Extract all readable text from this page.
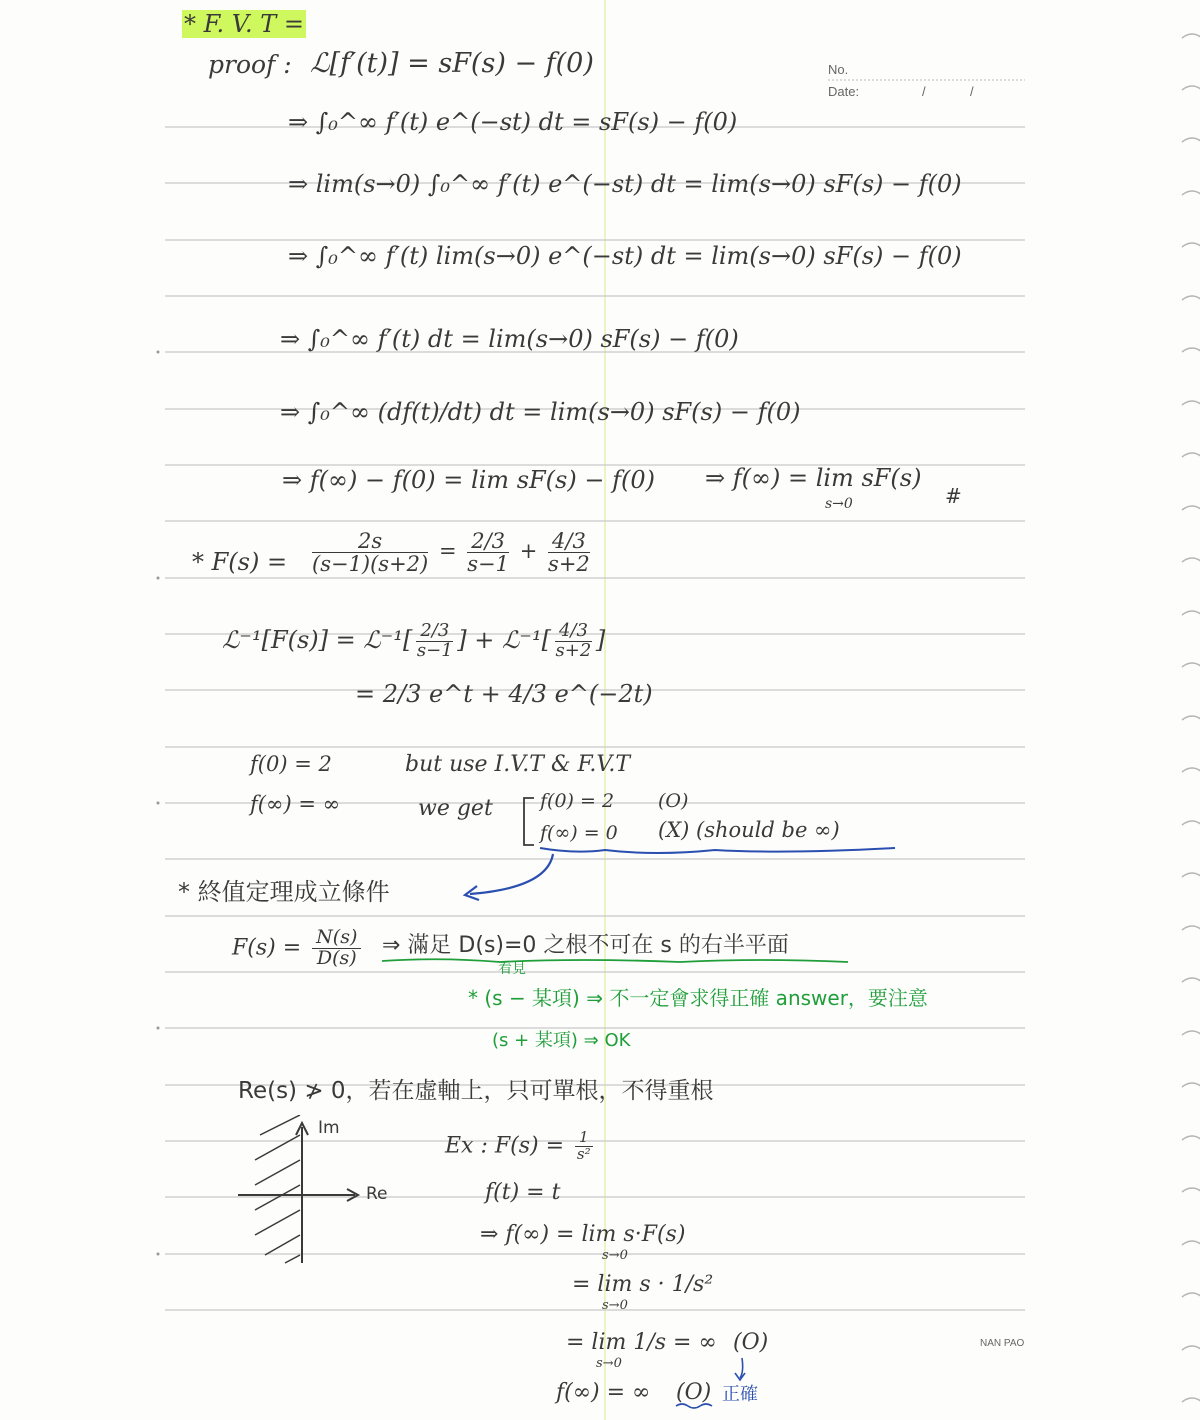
No.
Date:	/	/
NAN PAO
* F. V. T =
proof : ℒ[f′(t)] = sF(s) − f(0)
⇒ ∫₀^∞ f′(t) e^(−st) dt = sF(s) − f(0)
⇒ lim(s→0) ∫₀^∞ f′(t) e^(−st) dt = lim(s→0) sF(s) − f(0)
⇒ ∫₀^∞ f′(t) lim(s→0) e^(−st) dt = lim(s→0) sF(s) − f(0)
⇒ ∫₀^∞ f′(t) dt = lim(s→0) sF(s) − f(0)
⇒ ∫₀^∞ (df(t)/dt) dt = lim(s→0) sF(s) − f(0)
⇒ f(∞) − f(0) = lim sF(s) − f(0) ⇒ f(∞) = lim sF(s)
#
s→0
* $F(s) = \frac{2s}{(s-1)(s+2)} = \frac{2/3}{s-1} + \frac{4/3}{s+2}$
ℒ⁻¹[F(s)] = ℒ⁻¹[ $\frac{2/3}{s-1}$ ] + ℒ⁻¹[ $\frac{4/3}{s+2}$ ]
= 2/3 e^t + 4/3 e^(−2t)
f(0) = 2
f(∞) = ∞
but use I.V.T & F.V.T
we get f(0) = 2 (O)
f(∞) = 0 (X) (should be ∞)
* 終值定理成立條件
$F(s) = \frac{N(s)}{D(s)}$ ⇒ 滿足 D(s)=0 之根不可在 s 的右半平面
看見
* (s − 某項) ⇒ 不一定會求得正確 answer，要注意
(s + 某項) ⇒ OK
Re(s) ≯ 0，若在虛軸上，只可單根，不得重根
Im
Re
Ex : $F(s) = \frac{1}{\text{s²}}$
f(t) = t
⇒ f(∞) = lim s·F(s)
s→0
= lim s · 1/s²
s→0
= lim 1/s = ∞ (O)
s→0
f(∞) = ∞ (O) 正確
